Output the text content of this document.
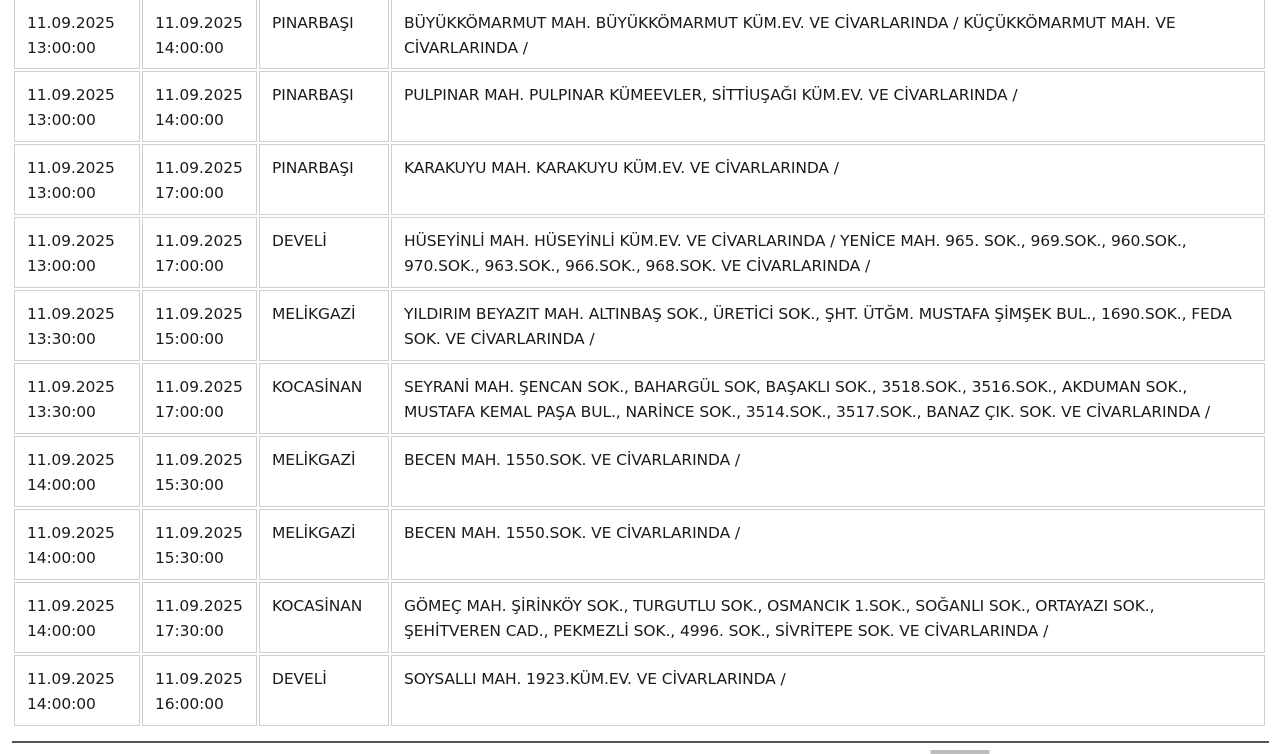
11.09.2025
13:00:00	11.09.2025
14:00:00	PINARBAŞI	BÜYÜKKÖMARMUT MAH. BÜYÜKKÖMARMUT KÜM.EV. VE CİVARLARINDA / KÜÇÜKKÖMARMUT MAH. VE CİVARLARINDA /

11.09.2025
13:00:00	11.09.2025
14:00:00	PINARBAŞI	PULPINAR MAH. PULPINAR KÜMEEVLER, SİTTİUŞAĞI KÜM.EV. VE CİVARLARINDA /

11.09.2025
13:00:00	11.09.2025
17:00:00	PINARBAŞI	KARAKUYU MAH. KARAKUYU KÜM.EV. VE CİVARLARINDA /

11.09.2025
13:00:00	11.09.2025
17:00:00	DEVELİ	HÜSEYİNLİ MAH. HÜSEYİNLİ KÜM.EV. VE CİVARLARINDA / YENİCE MAH. 965. SOK., 969.SOK., 960.SOK., 970.SOK., 963.SOK., 966.SOK., 968.SOK. VE CİVARLARINDA /

11.09.2025
13:30:00	11.09.2025
15:00:00	MELİKGAZİ	YILDIRIM BEYAZIT MAH. ALTINBAŞ SOK., ÜRETİCİ SOK., ŞHT. ÜTĞM. MUSTAFA ŞİMŞEK BUL., 1690.SOK., FEDA SOK. VE CİVARLARINDA /

11.09.2025
13:30:00	11.09.2025
17:00:00	KOCASİNAN	SEYRANİ MAH. ŞENCAN SOK., BAHARGÜL SOK, BAŞAKLI SOK., 3518.SOK., 3516.SOK., AKDUMAN SOK., MUSTAFA KEMAL PAŞA BUL., NARİNCE SOK., 3514.SOK., 3517.SOK., BANAZ ÇIK. SOK. VE CİVARLARINDA /

11.09.2025
14:00:00	11.09.2025
15:30:00	MELİKGAZİ	BECEN MAH. 1550.SOK. VE CİVARLARINDA /

11.09.2025
14:00:00	11.09.2025
15:30:00	MELİKGAZİ	BECEN MAH. 1550.SOK. VE CİVARLARINDA /

11.09.2025
14:00:00	11.09.2025
17:30:00	KOCASİNAN	GÖMEÇ MAH. ŞİRİNKÖY SOK., TURGUTLU SOK., OSMANCIK 1.SOK., SOĞANLI SOK., ORTAYAZI SOK., ŞEHİTVEREN CAD., PEKMEZLİ SOK., 4996. SOK., SİVRİTEPE SOK. VE CİVARLARINDA /

11.09.2025
14:00:00	11.09.2025
16:00:00	DEVELİ	SOYSALLI MAH. 1923.KÜM.EV. VE CİVARLARINDA /
